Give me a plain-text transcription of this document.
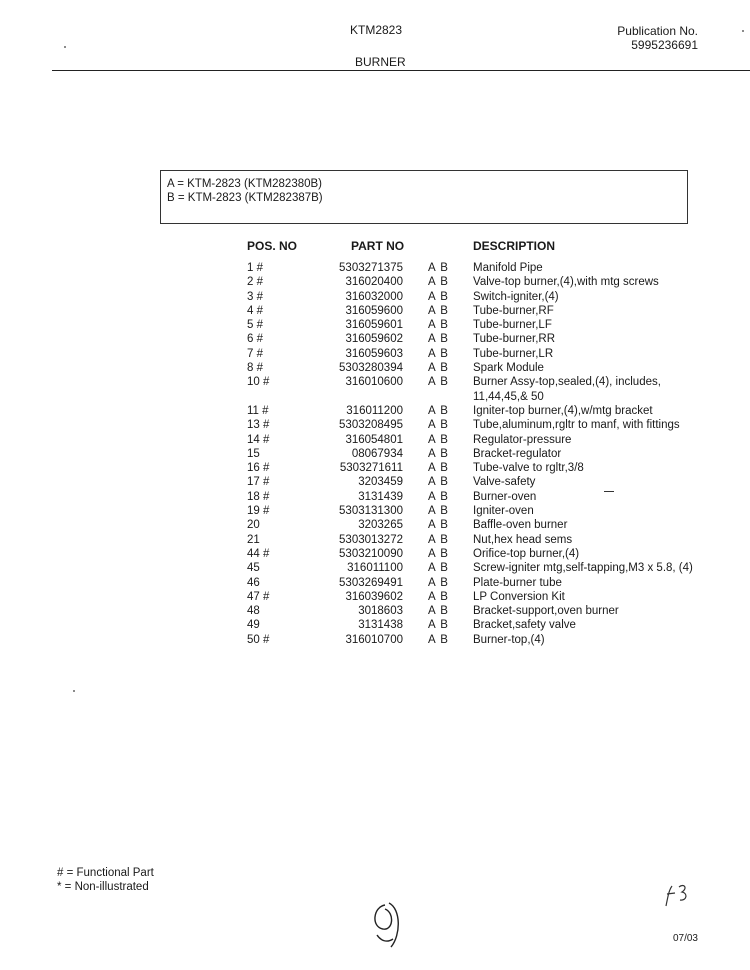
KTM2823	Publication No.
5995236691
BURNER
A = KTM-2823 (KTM282380B)
B = KTM-2823 (KTM282387B)
POS. NO	PART NO	DESCRIPTION
1 #	5303271375 A B Manifold Pipe
2 #	316020400 A B Valve-top burner,(4),with mtg screws
3 #	316032000 A B Switch-igniter,(4)
4 #	316059600 A B Tube-burner,RF
5 #	316059601 A B Tube-burner,LF
6 #	316059602 A B Tube-burner,RR
7 #	316059603 A B Tube-burner,LR
8 #	5303280394 A B Spark Module
10 #	316010600 A B Burner Assy-top,sealed,(4), includes, 11,44,45,& 50
11 #	316011200 A B Igniter-top burner,(4),w/mtg bracket
13 #	5303208495 A B Tube,aluminum,rgltr to manf, with fittings
14 #	316054801 A B Regulator-pressure
15	08067934 A B Bracket-regulator
16 #	5303271611 A B Tube-valve to rgltr,3/8
17 #	3203459 A B Valve-safety
18 #	3131439 A B Burner-oven
19 #	5303131300 A B Igniter-oven
20	3203265 A B Baffle-oven burner
21	5303013272 A B Nut,hex head sems
44 #	5303210090 A B Orifice-top burner,(4)
45	316011100 A B Screw-igniter mtg,self-tapping,M3 x 5.8, (4)
46	5303269491 A B Plate-burner tube
47 #	316039602 A B LP Conversion Kit
48	3018603 A B Bracket-support,oven burner
49	3131438 A B Bracket,safety valve
50 #	316010700 A B Burner-top,(4)
# = Functional Part
* = Non-illustrated
07/03
